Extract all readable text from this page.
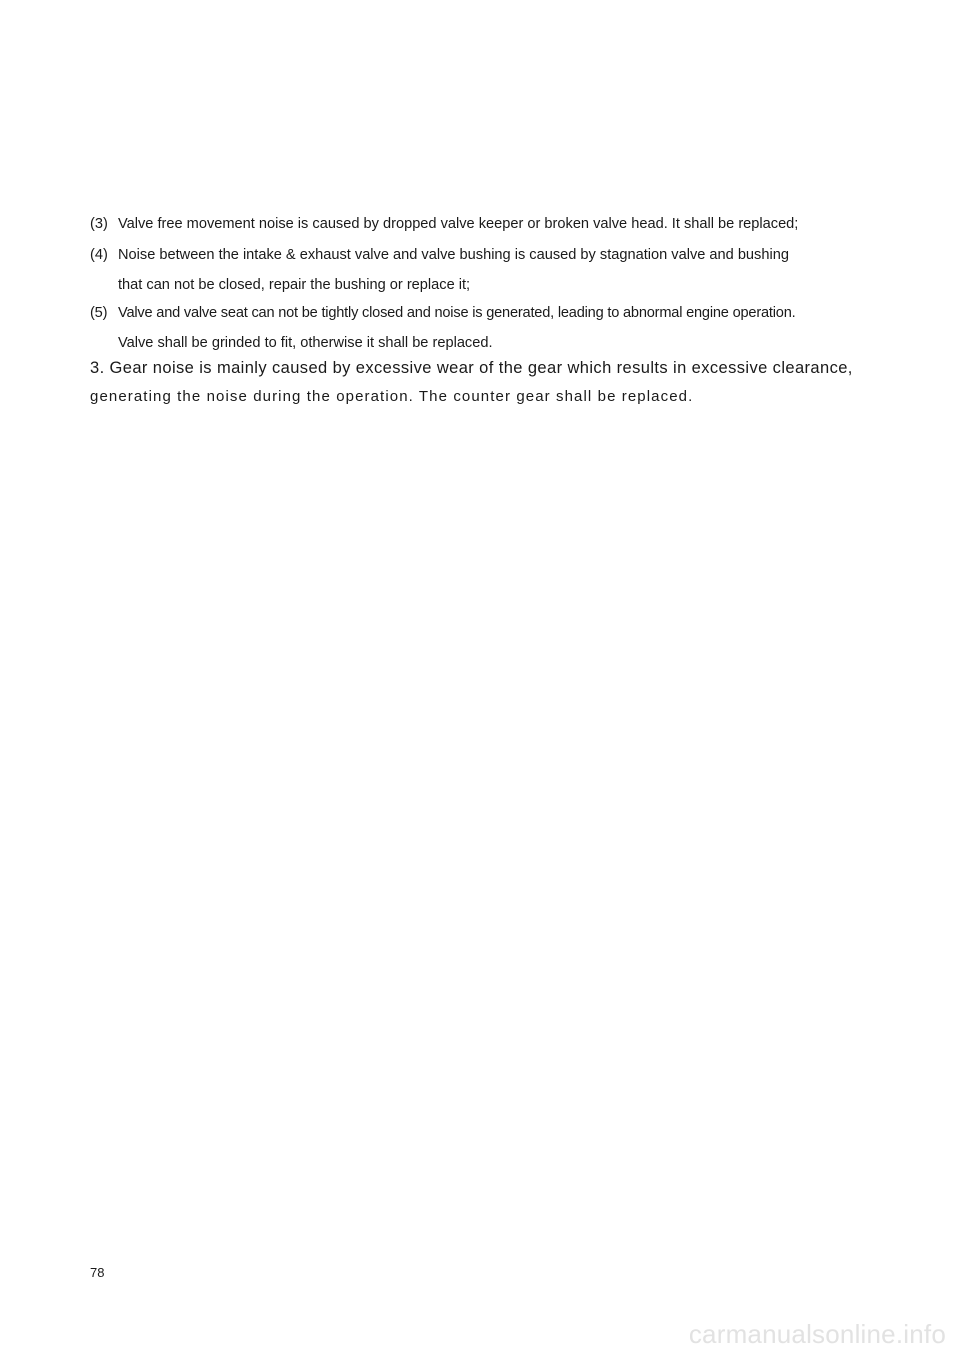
(3) Valve free movement noise is caused by dropped valve keeper or broken valve head. It shall be replaced;
(4) Noise between the intake & exhaust valve and valve bushing is caused by stagnation valve and bushing
that can not be closed, repair the bushing or replace it;
(5) Valve and valve seat can not be tightly closed and noise is generated, leading to abnormal engine operation.
Valve shall be grinded to fit, otherwise it shall be replaced.
3. Gear noise is mainly caused by excessive wear of the gear which results in excessive clearance,
generating the noise during the operation. The counter gear shall be replaced.
78
carmanualsonline.info
